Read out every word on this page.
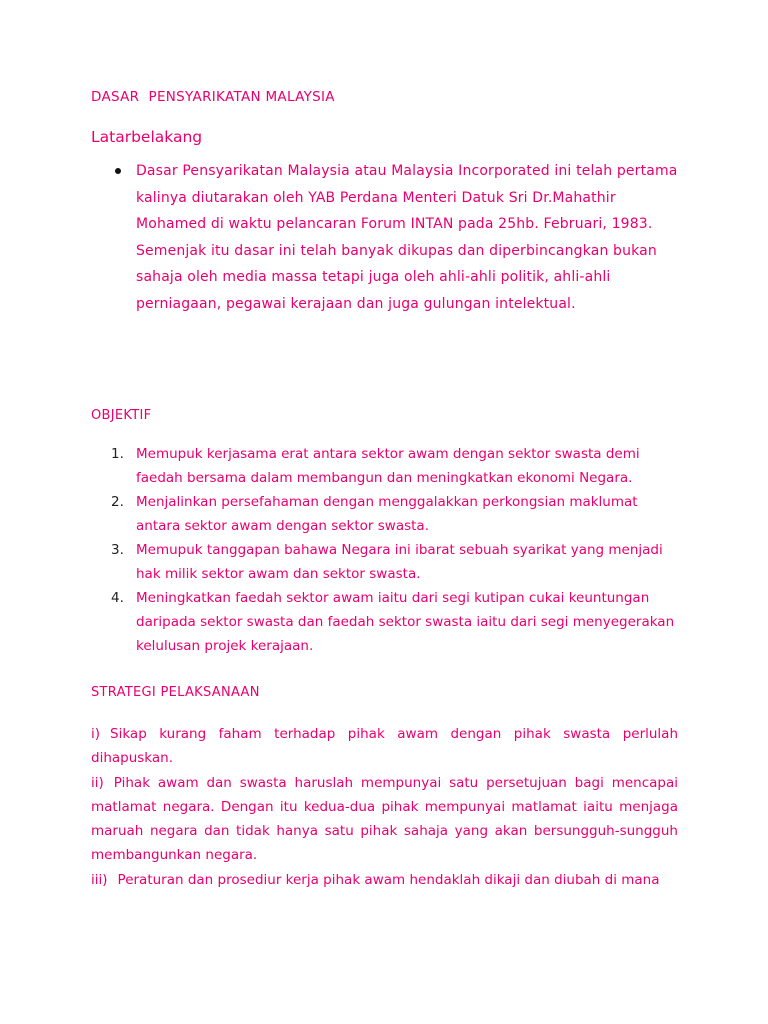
DASAR  PENSYARIKATAN MALAYSIA
Latarbelakang
Dasar Pensyarikatan Malaysia atau Malaysia Incorporated ini telah pertama kalinya diutarakan oleh YAB Perdana Menteri Datuk Sri Dr.Mahathir Mohamed di waktu pelancaran Forum INTAN pada 25hb. Februari, 1983. Semenjak itu dasar ini telah banyak dikupas dan diperbincangkan bukan sahaja oleh media massa tetapi juga oleh ahli-ahli politik, ahli-ahli perniagaan, pegawai kerajaan dan juga gulungan intelektual.
OBJEKTIF
1. Memupuk kerjasama erat antara sektor awam dengan sektor swasta demi faedah bersama dalam membangun dan meningkatkan ekonomi Negara.
2. Menjalinkan persefahaman dengan menggalakkan perkongsian maklumat antara sektor awam dengan sektor swasta.
3. Memupuk tanggapan bahawa Negara ini ibarat sebuah syarikat yang menjadi hak milik sektor awam dan sektor swasta.
4. Meningkatkan faedah sektor awam iaitu dari segi kutipan cukai keuntungan daripada sektor swasta dan faedah sektor swasta iaitu dari segi menyegerakan kelulusan projek kerajaan.
STRATEGI PELAKSANAAN

i) Sikap kurang faham terhadap pihak awam dengan pihak swasta perlulah dihapuskan.

ii) Pihak awam dan swasta haruslah mempunyai satu persetujuan bagi mencapai matlamat negara. Dengan itu kedua-dua pihak mempunyai matlamat iaitu menjaga maruah negara dan tidak hanya satu pihak sahaja yang akan bersungguh-sungguh membangunkan negara.

iii) Peraturan dan prosediur kerja pihak awam hendaklah dikaji dan diubah di mana
